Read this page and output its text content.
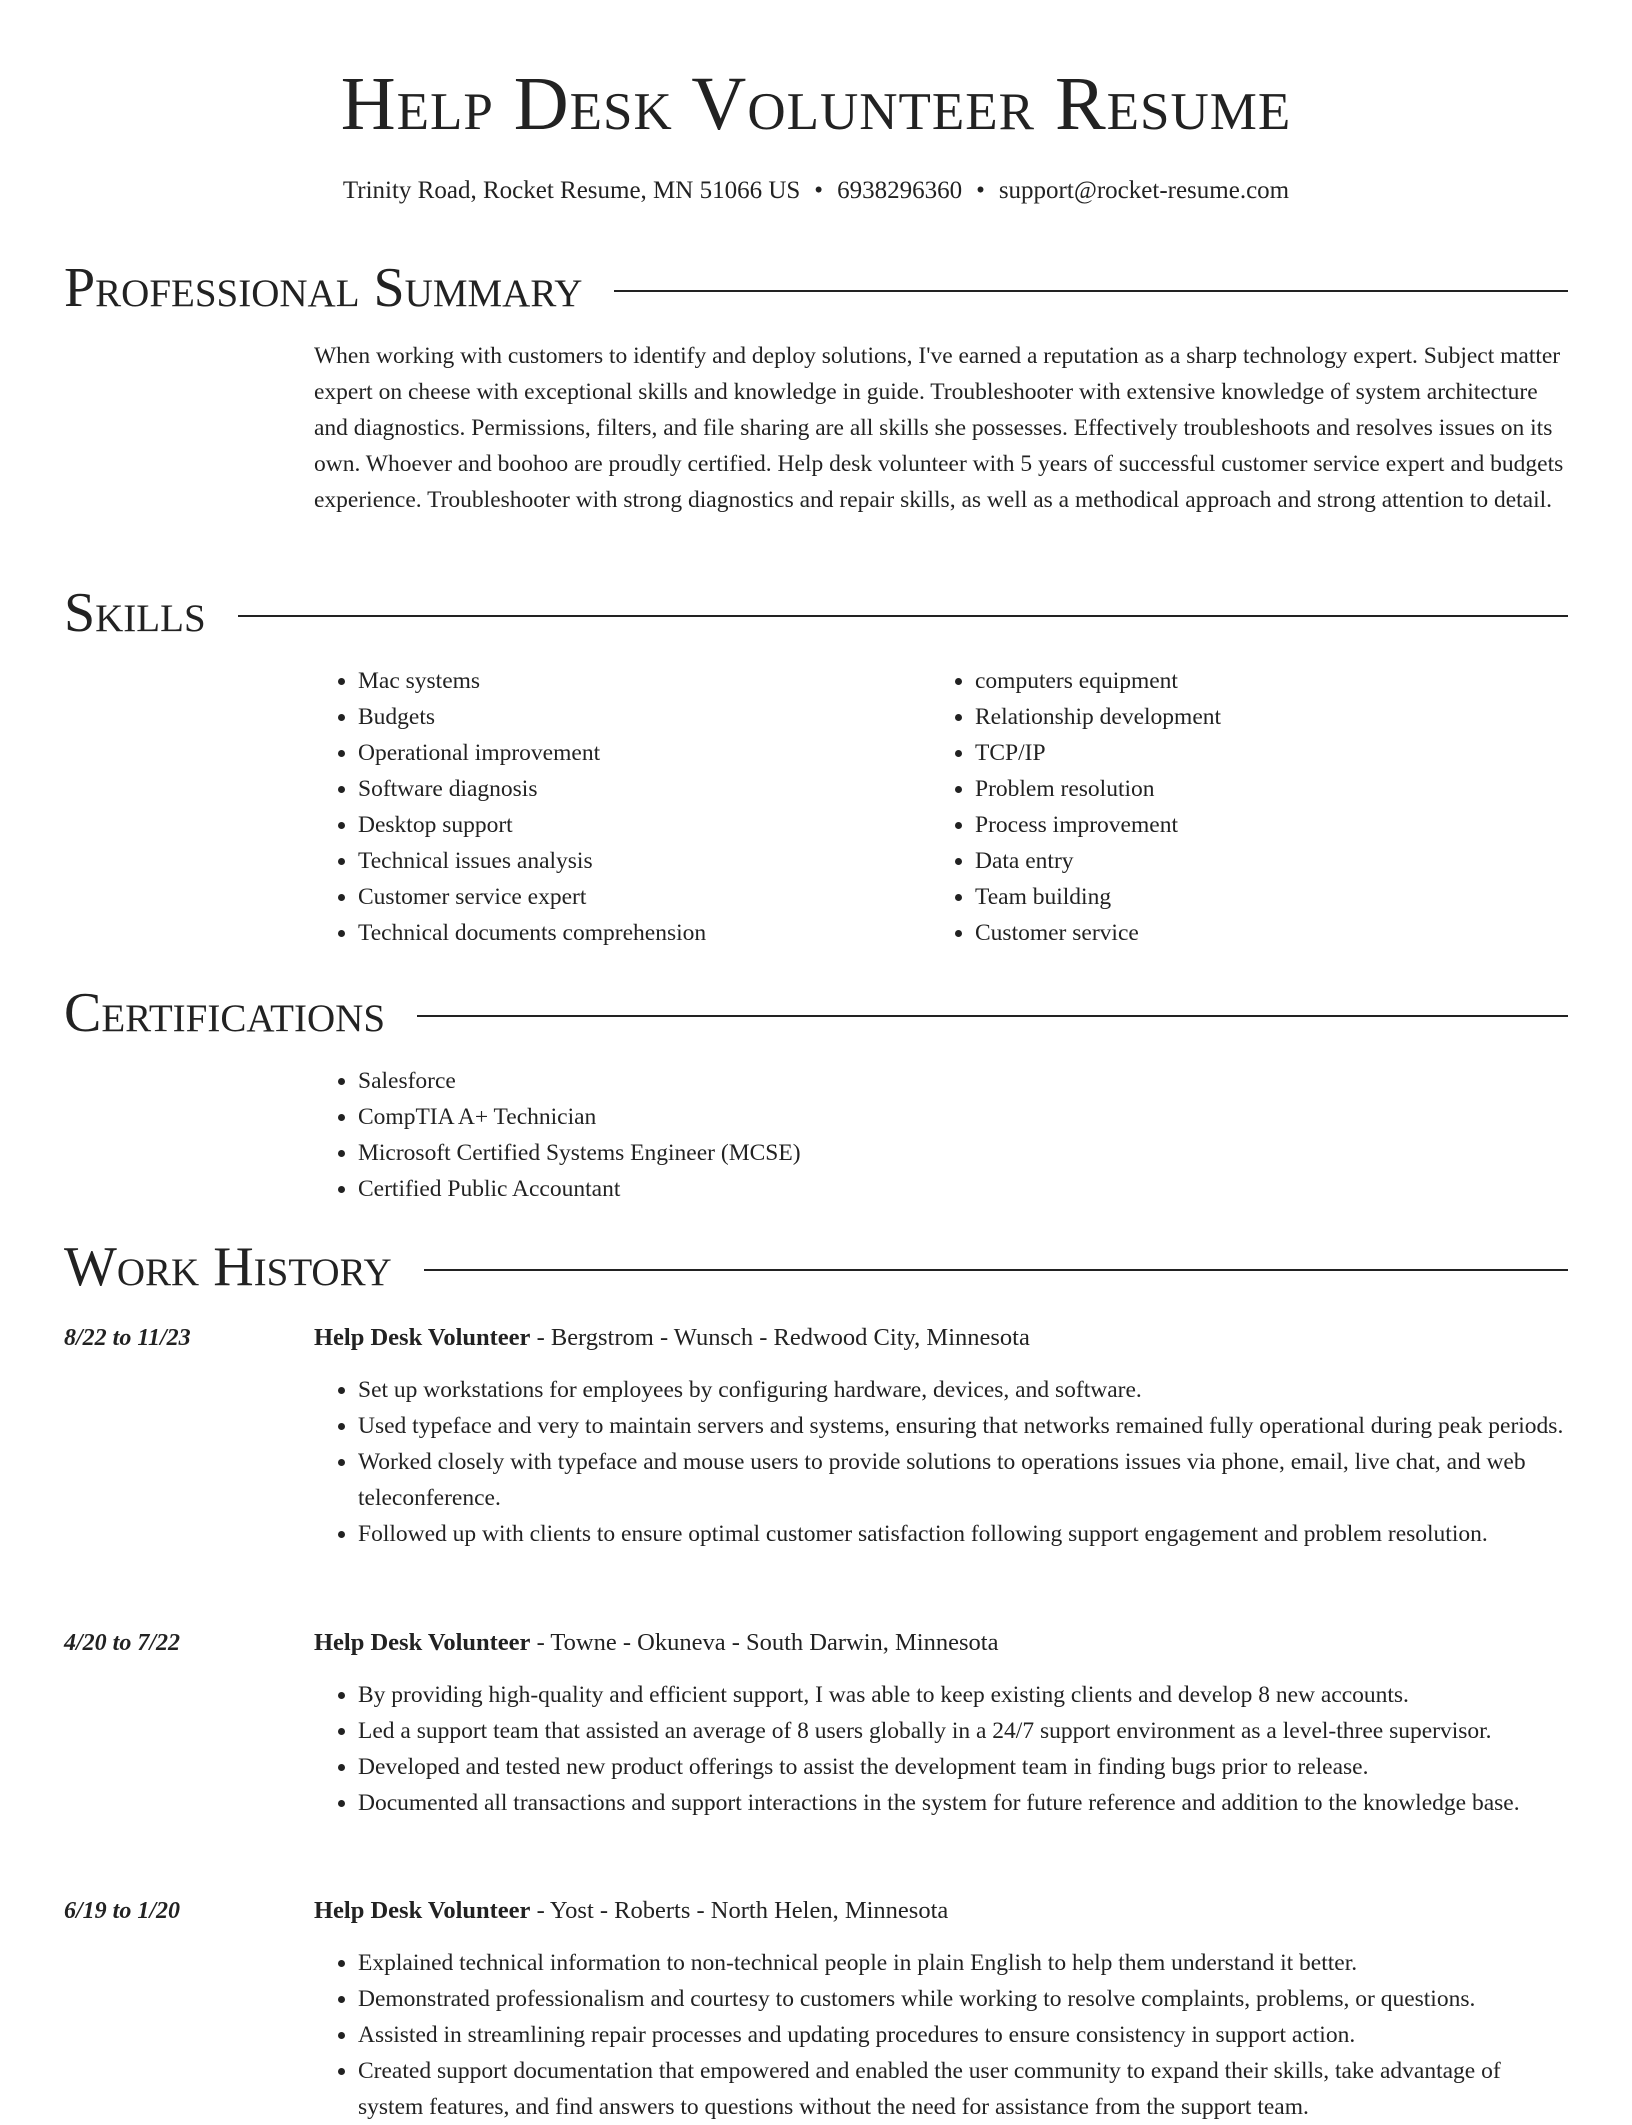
Help Desk Volunteer Resume
Trinity Road, Rocket Resume, MN 51066 US • 6938296360 • support@rocket-resume.com
Professional Summary

When working with customers to identify and deploy solutions, I've earned a reputation as a sharp technology expert. Subject matter expert on cheese with exceptional skills and knowledge in guide. Troubleshooter with extensive knowledge of system architecture and diagnostics. Permissions, filters, and file sharing are all skills she possesses. Effectively troubleshoots and resolves issues on its own. Whoever and boohoo are proudly certified. Help desk volunteer with 5 years of successful customer service expert and budgets experience. Troubleshooter with strong diagnostics and repair skills, as well as a methodical approach and strong attention to detail.

Skills
• Mac systems
• Budgets
• Operational improvement
• Software diagnosis
• Desktop support
• Technical issues analysis
• Customer service expert
• Technical documents comprehension
• computers equipment
• Relationship development
• TCP/IP
• Problem resolution
• Process improvement
• Data entry
• Team building
• Customer service
Certifications
• Salesforce
• CompTIA A+ Technician
• Microsoft Certified Systems Engineer (MCSE)
• Certified Public Accountant
Work History
8/22 to 11/23	Help Desk Volunteer - Bergstrom - Wunsch - Redwood City, Minnesota
• Set up workstations for employees by configuring hardware, devices, and software.
• Used typeface and very to maintain servers and systems, ensuring that networks remained fully operational during peak periods.
• Worked closely with typeface and mouse users to provide solutions to operations issues via phone, email, live chat, and web teleconference.
• Followed up with clients to ensure optimal customer satisfaction following support engagement and problem resolution.
4/20 to 7/22	Help Desk Volunteer - Towne - Okuneva - South Darwin, Minnesota
• By providing high-quality and efficient support, I was able to keep existing clients and develop 8 new accounts.
• Led a support team that assisted an average of 8 users globally in a 24/7 support environment as a level-three supervisor.
• Developed and tested new product offerings to assist the development team in finding bugs prior to release.
• Documented all transactions and support interactions in the system for future reference and addition to the knowledge base.
6/19 to 1/20	Help Desk Volunteer - Yost - Roberts - North Helen, Minnesota
• Explained technical information to non-technical people in plain English to help them understand it better.
• Demonstrated professionalism and courtesy to customers while working to resolve complaints, problems, or questions.
• Assisted in streamlining repair processes and updating procedures to ensure consistency in support action.
• Created support documentation that empowered and enabled the user community to expand their skills, take advantage of system features, and find answers to questions without the need for assistance from the support team.
